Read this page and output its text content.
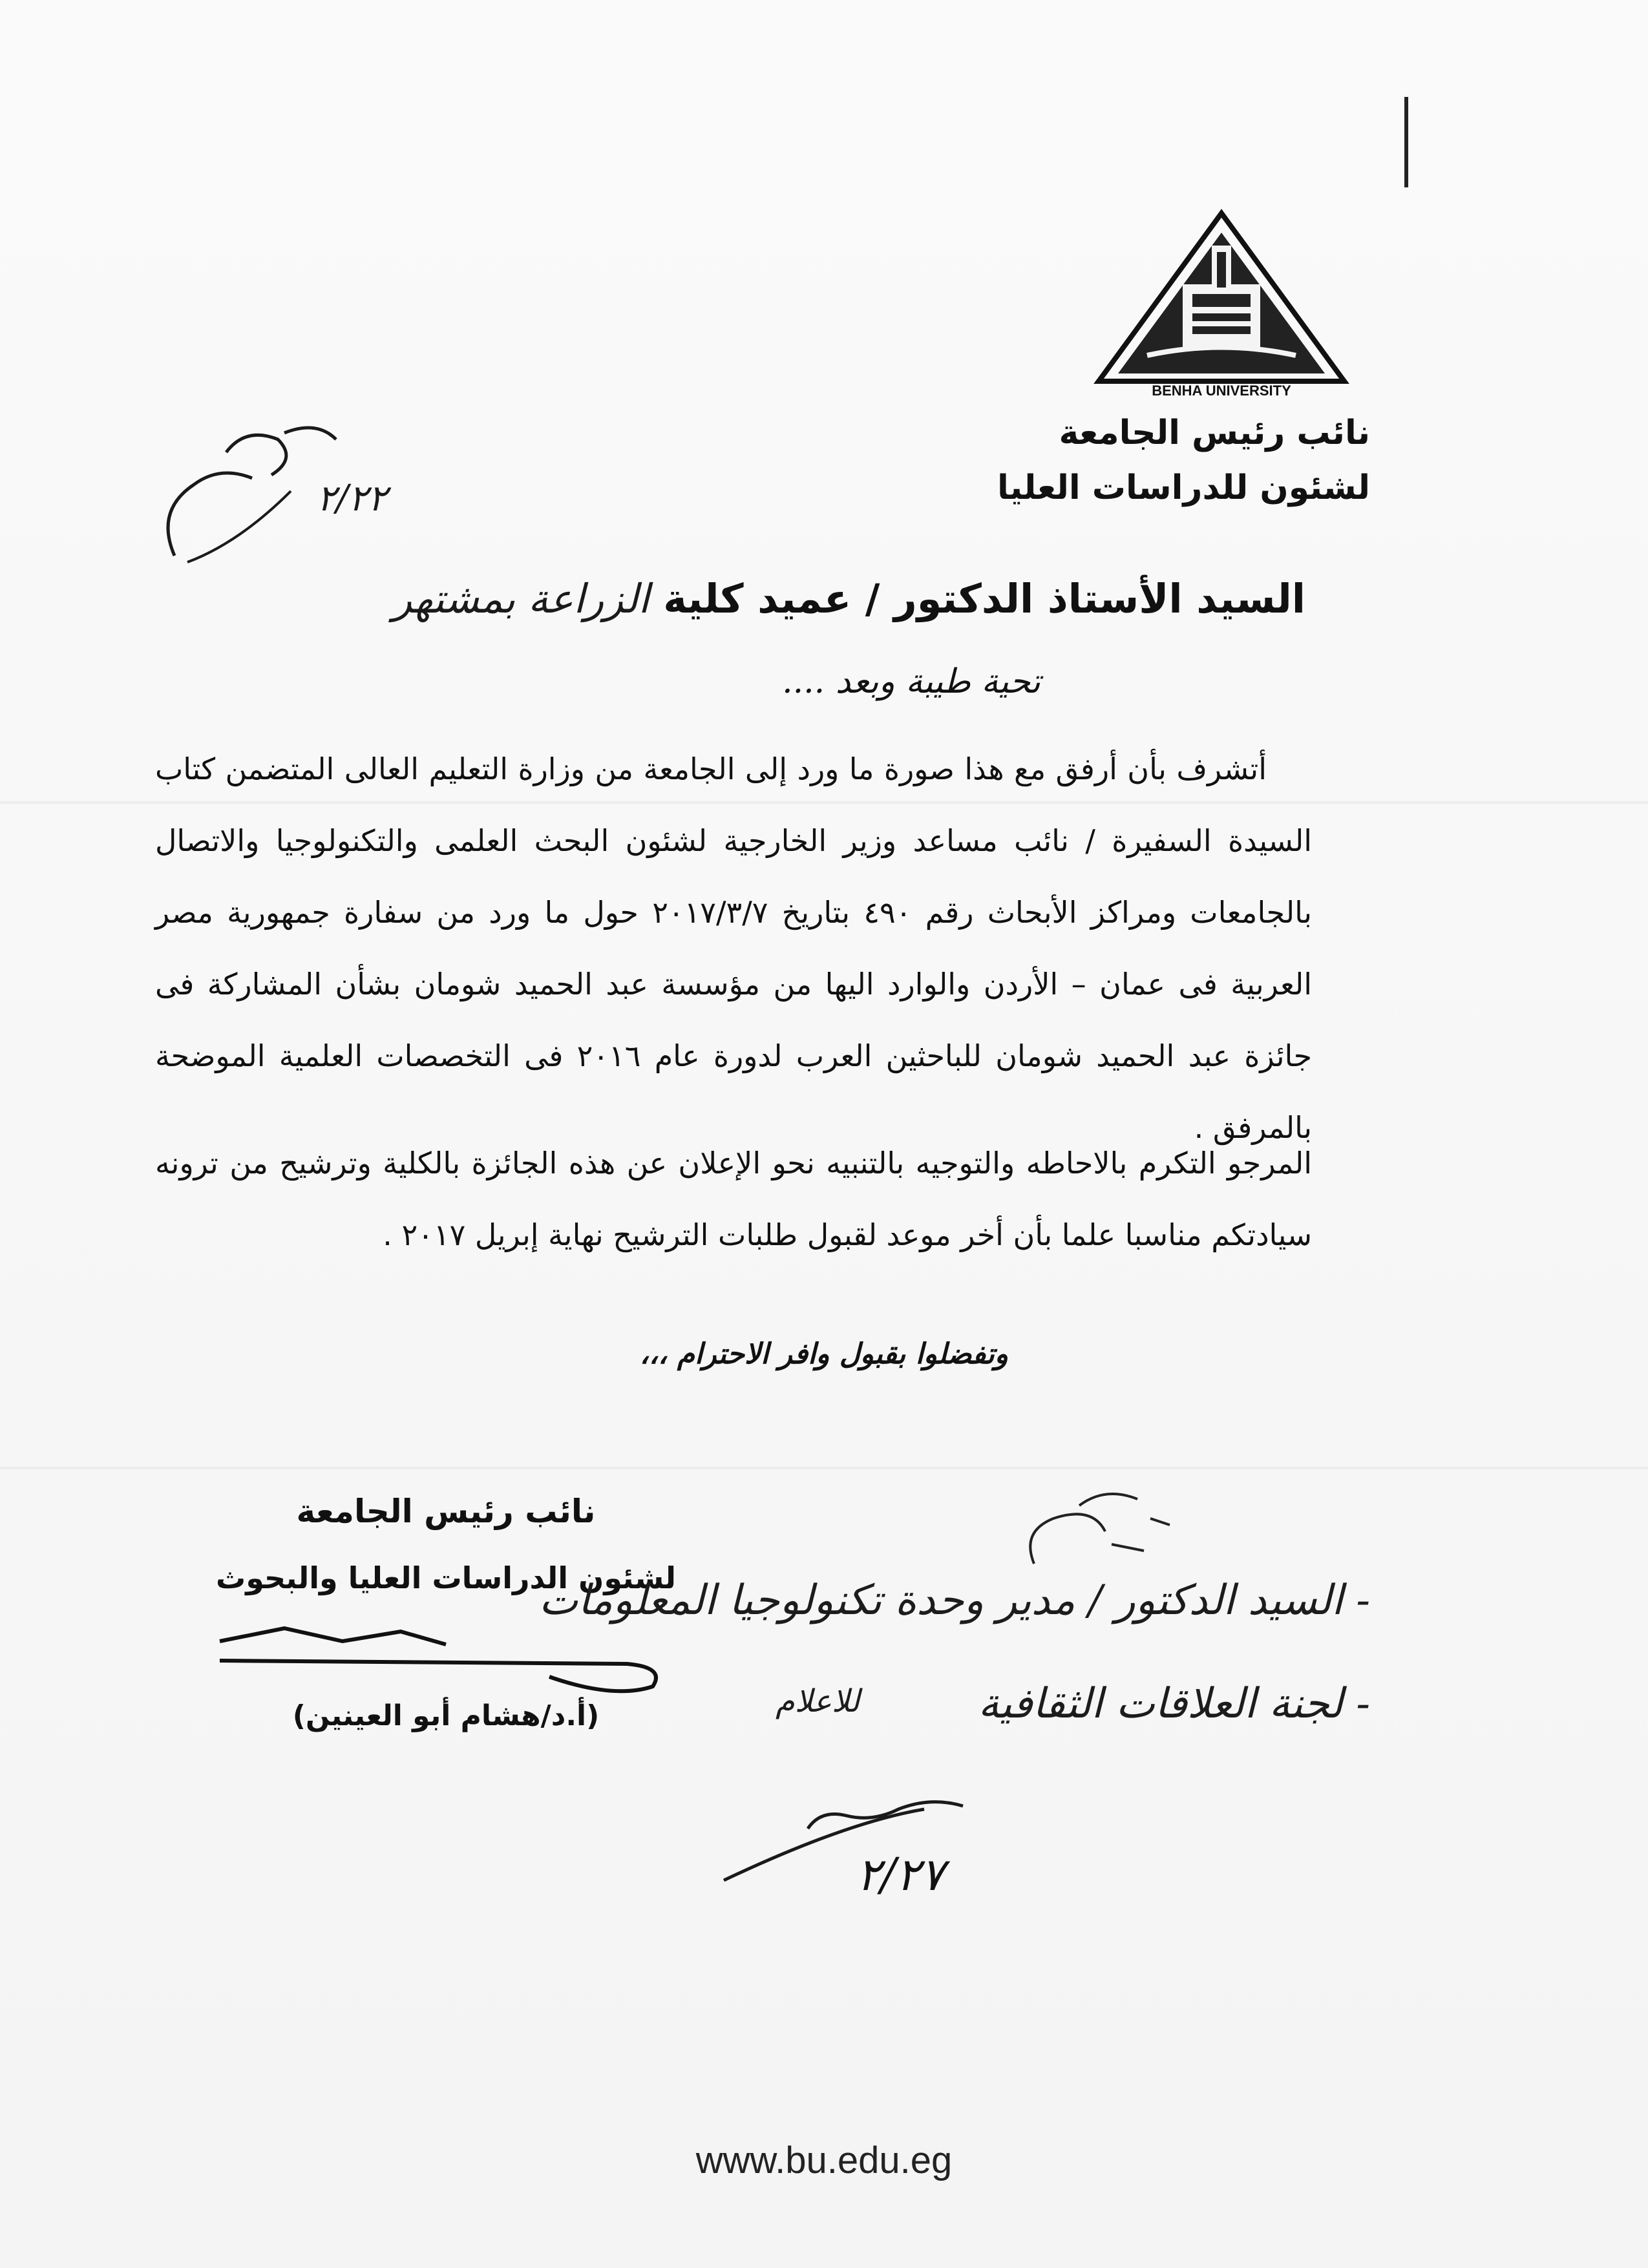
BENHA UNIVERSITY
نائب رئيس الجامعة
لشئون للدراسات العليا
٢/٢٢
السيد الأستاذ الدكتور / عميد كلية الزراعة بمشتهر
تحية طيبة وبعد ....

أتشرف بأن أرفق مع هذا صورة ما ورد إلى الجامعة من وزارة التعليم العالى المتضمن كتاب السيدة السفيرة / نائب مساعد وزير الخارجية لشئون البحث العلمى والتكنولوجيا والاتصال بالجامعات ومراكز الأبحاث رقم ٤٩٠ بتاريخ ٢٠١٧/٣/٧ حول ما ورد من سفارة جمهورية مصر العربية فى عمان – الأردن والوارد اليها من مؤسسة عبد الحميد شومان بشأن المشاركة فى جائزة عبد الحميد شومان للباحثين العرب لدورة عام ٢٠١٦ فى التخصصات العلمية الموضحة بالمرفق .

المرجو التكرم بالاحاطه والتوجيه بالتنبيه نحو الإعلان عن هذه الجائزة بالكلية وترشيح من ترونه سيادتكم مناسبا علما بأن أخر موعد لقبول طلبات الترشيح نهاية إبريل ٢٠١٧ .

وتفضلوا بقبول وافر الاحترام ،،،
نائب رئيس الجامعة
لشئون الدراسات العليا والبحوث
(أ.د/هشام أبو العينين)
- السيد الدكتور / مدير وحدة تكنولوجيا المعلومات
للاعلام	- لجنة العلاقات الثقافية
٢/٢٧
www.bu.edu.eg
